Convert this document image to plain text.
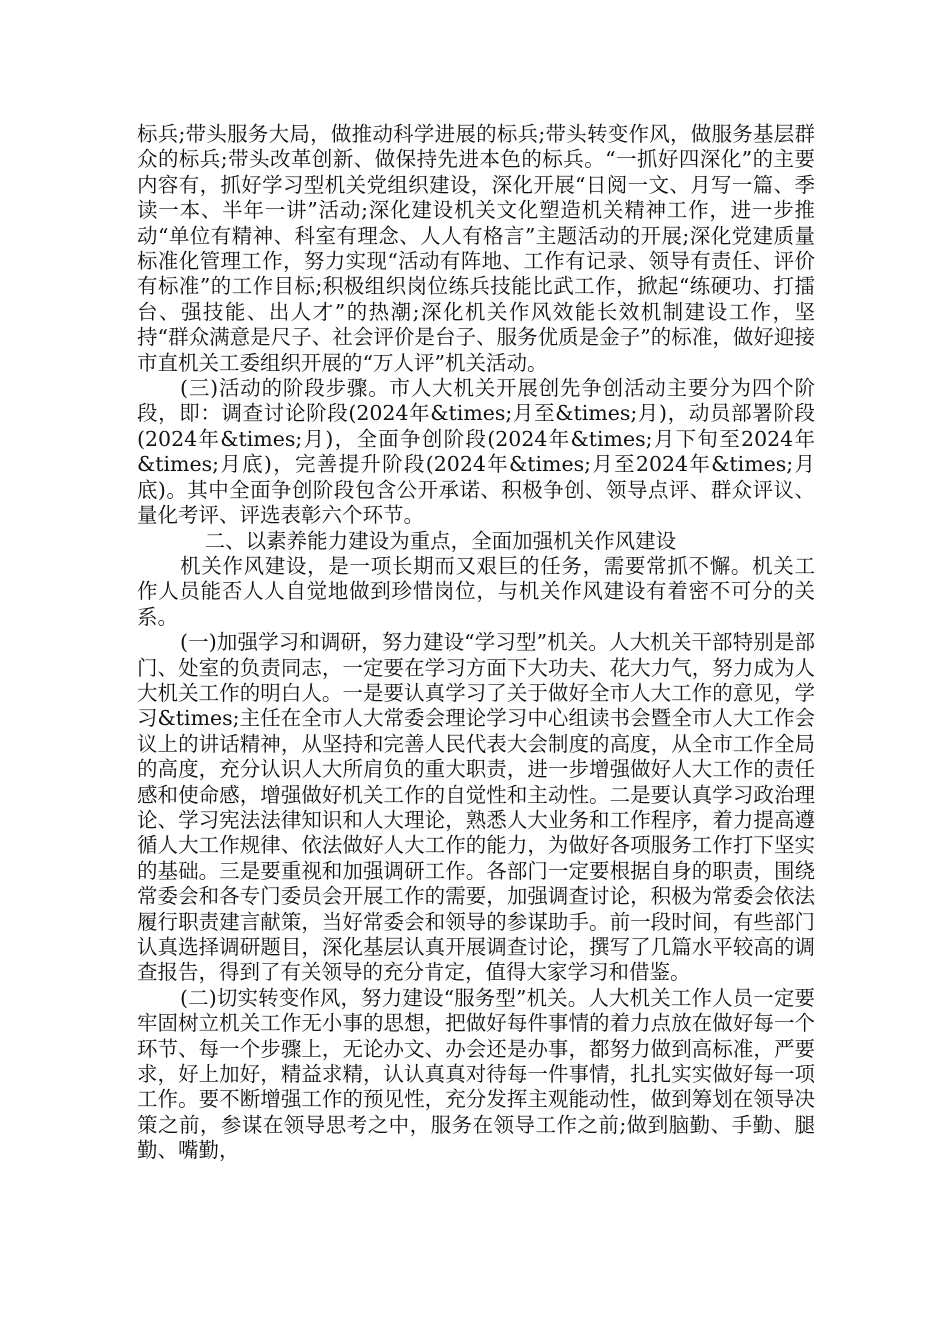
标兵;带头服务大局，做推动科学进展的标兵;带头转变作风，做服务基层群众的标兵;带头改革创新、做保持先进本色的标兵。“一抓好四深化”的主要内容有，抓好学习型机关党组织建设，深化开展“日阅一文、月写一篇、季读一本、半年一讲”活动;深化建设机关文化塑造机关精神工作，进一步推动“单位有精神、科室有理念、人人有格言”主题活动的开展;深化党建质量标准化管理工作，努力实现“活动有阵地、工作有记录、领导有责任、评价有标准”的工作目标;积极组织岗位练兵技能比武工作，掀起“练硬功、打擂台、强技能、出人才”的热潮;深化机关作风效能长效机制建设工作，坚持“群众满意是尺子、社会评价是台子、服务优质是金子”的标准，做好迎接市直机关工委组织开展的“万人评”机关活动。

(三)活动的阶段步骤。市人大机关开展创先争创活动主要分为四个阶段，即：调查讨论阶段(2024年&times;月至&times;月)，动员部署阶段(2024年&times;月)，全面争创阶段(2024年&times;月下旬至2024年&times;月底)，完善提升阶段(2024年&times;月至2024年&times;月底)。其中全面争创阶段包含公开承诺、积极争创、领导点评、群众评议、量化考评、评选表彰六个环节。

二、以素养能力建设为重点，全面加强机关作风建设

机关作风建设，是一项长期而又艰巨的任务，需要常抓不懈。机关工作人员能否人人自觉地做到珍惜岗位，与机关作风建设有着密不可分的关系。

(一)加强学习和调研，努力建设“学习型”机关。人大机关干部特别是部门、处室的负责同志，一定要在学习方面下大功夫、花大力气，努力成为人大机关工作的明白人。一是要认真学习了关于做好全市人大工作的意见，学习&times;主任在全市人大常委会理论学习中心组读书会暨全市人大工作会议上的讲话精神，从坚持和完善人民代表大会制度的高度，从全市工作全局的高度，充分认识人大所肩负的重大职责，进一步增强做好人大工作的责任感和使命感，增强做好机关工作的自觉性和主动性。二是要认真学习政治理论、学习宪法法律知识和人大理论，熟悉人大业务和工作程序，着力提高遵循人大工作规律、依法做好人大工作的能力，为做好各项服务工作打下坚实的基础。三是要重视和加强调研工作。各部门一定要根据自身的职责，围绕常委会和各专门委员会开展工作的需要，加强调查讨论，积极为常委会依法履行职责建言献策，当好常委会和领导的参谋助手。前一段时间，有些部门认真选择调研题目，深化基层认真开展调查讨论，撰写了几篇水平较高的调查报告，得到了有关领导的充分肯定，值得大家学习和借鉴。

(二)切实转变作风，努力建设“服务型”机关。人大机关工作人员一定要牢固树立机关工作无小事的思想，把做好每件事情的着力点放在做好每一个环节、每一个步骤上，无论办文、办会还是办事，都努力做到高标准，严要求，好上加好，精益求精，认认真真对待每一件事情，扎扎实实做好每一项工作。要不断增强工作的预见性，充分发挥主观能动性，做到筹划在领导决策之前，参谋在领导思考之中，服务在领导工作之前;做到脑勤、手勤、腿勤、嘴勤，
